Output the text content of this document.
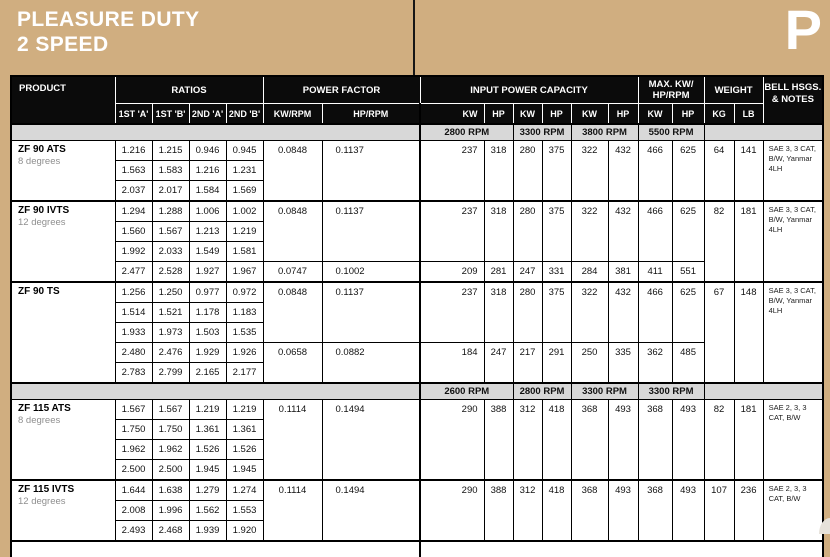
PLEASURE DUTY
2 SPEED	P
PRODUCT	RATIOS				POWER FACTOR		INPUT POWER CAPACITY						MAX. KW/ HP/RPM		WEIGHT		BELL HSGS. & NOTES
	1ST 'A'	1ST 'B'	2ND 'A'	2ND 'B'	KW/RPM	HP/RPM	KW	HP	KW	HP	KW	HP	KW	HP	KG	LB	
							2800 RPM		3300 RPM		3800 RPM		5500 RPM				

ZF 90 ATS
8 degrees	1.216	1.215	0.946	0.945	0.0848	0.1137	237	318	280	375	322	432	466	625	64	141	SAE 3, 3 CAT, B/W, Yanmar 4LH
	1.563	1.583	1.216	1.231													
	2.037	2.017	1.584	1.569													

ZF 90 IVTS
12 degrees	1.294	1.288	1.006	1.002	0.0848	0.1137	237	318	280	375	322	432	466	625	82	181	SAE 3, 3 CAT, B/W, Yanmar 4LH
	1.560	1.567	1.213	1.219													
	1.992	2.033	1.549	1.581													
	2.477	2.528	1.927	1.967	0.0747	0.1002	209	281	247	331	284	381	411	551			

ZF 90 TS	1.256	1.250	0.977	0.972	0.0848	0.1137	237	318	280	375	322	432	466	625	67	148	SAE 3, 3 CAT, B/W, Yanmar 4LH
	1.514	1.521	1.178	1.183													
	1.933	1.973	1.503	1.535													
	2.480	2.476	1.929	1.926	0.0658	0.0882	184	247	217	291	250	335	362	485			
	2.783	2.799	2.165	2.177													
							2600 RPM		2800 RPM		3300 RPM		3300 RPM				

ZF 115 ATS
8 degrees	1.567	1.567	1.219	1.219	0.1114	0.1494	290	388	312	418	368	493	368	493	82	181	SAE 2, 3, 3 CAT, B/W
	1.750	1.750	1.361	1.361													
	1.962	1.962	1.526	1.526													
	2.500	2.500	1.945	1.945													

ZF 115 IVTS
12 degrees	1.644	1.638	1.279	1.274	0.1114	0.1494	290	388	312	418	368	493	368	493	107	236	SAE 2, 3, 3 CAT, B/W
	2.008	1.996	1.562	1.553													
	2.493	2.468	1.939	1.920													
